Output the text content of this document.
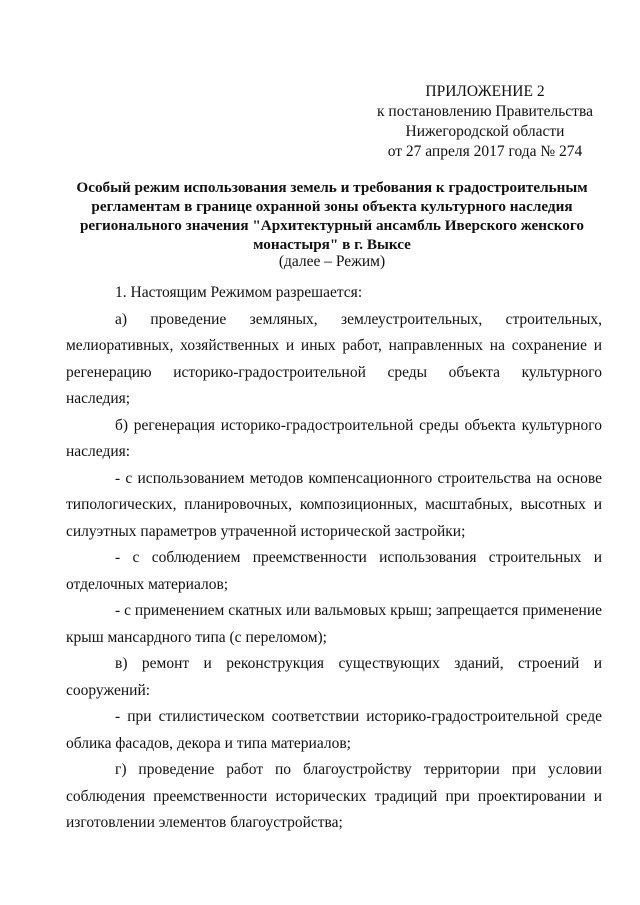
ПРИЛОЖЕНИЕ 2
к постановлению Правительства
Нижегородской области
от 27 апреля 2017 года № 274
Особый режим использования земель и требования к градостроительным
регламентам в границе охранной зоны объекта культурного наследия
регионального значения "Архитектурный ансамбль Иверского женского
монастыря" в г. Выксе
(далее – Режим)
1. Настоящим Режимом разрешается:
а) проведение земляных, землеустроительных, строительных,
мелиоративных, хозяйственных и иных работ, направленных на сохранение и
регенерацию историко-градостроительной среды объекта культурного
наследия;
б) регенерация историко-градостроительной среды объекта культурного
наследия:
- с использованием методов компенсационного строительства на основе
типологических, планировочных, композиционных, масштабных, высотных и
силуэтных параметров утраченной исторической застройки;
- с соблюдением преемственности использования строительных и
отделочных материалов;
- с применением скатных или вальмовых крыш; запрещается применение
крыш мансардного типа (с переломом);
в) ремонт и реконструкция существующих зданий, строений и
сооружений:
- при стилистическом соответствии историко-градостроительной среде
облика фасадов, декора и типа материалов;
г) проведение работ по благоустройству территории при условии
соблюдения преемственности исторических традиций при проектировании и
изготовлении элементов благоустройства;
